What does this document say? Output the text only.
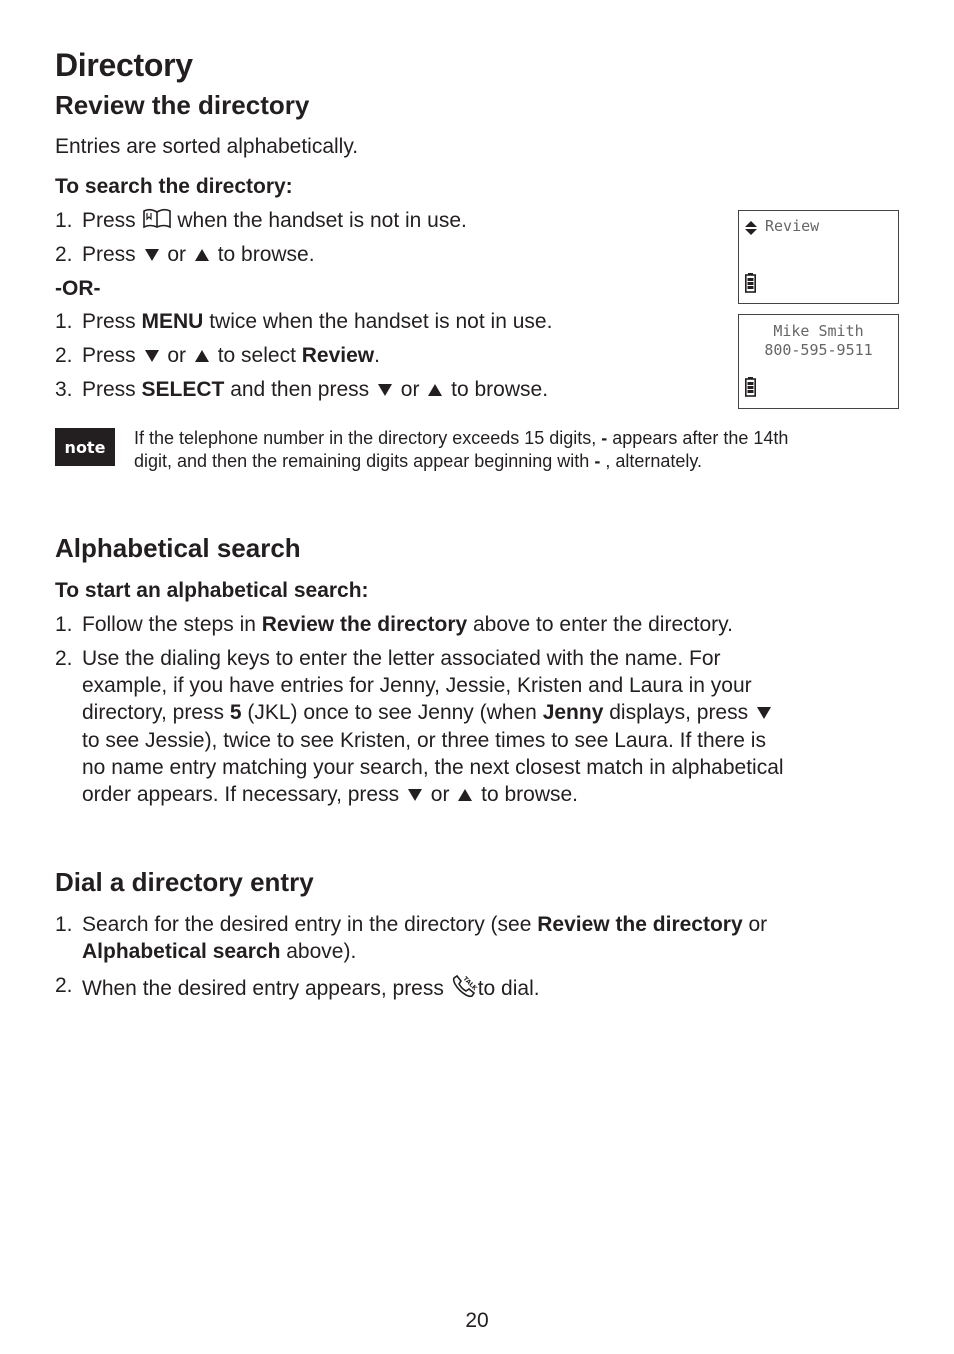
Directory
Review the directory
Entries are sorted alphabetically.
To search the directory:
1. Press  when the handset is not in use.
2. Press  or  to browse.
-OR-
1. Press MENU twice when the handset is not in use.
2. Press  or  to select Review.
3. Press SELECT and then press  or  to browse.
Review
Mike Smith
800-595-9511
note	If the telephone number in the directory exceeds 15 digits, - appears after the 14th
digit, and then the remaining digits appear beginning with - , alternately.
Alphabetical search
To start an alphabetical search:
1. Follow the steps in Review the directory above to enter the directory.
2. Use the dialing keys to enter the letter associated with the name. For
example, if you have entries for Jenny, Jessie, Kristen and Laura in your
directory, press 5 (JKL) once to see Jenny (when Jenny displays, press
to see Jessie), twice to see Kristen, or three times to see Laura. If there is
no name entry matching your search, the next closest match in alphabetical
order appears. If necessary, press  or  to browse.
Dial a directory entry
1. Search for the desired entry in the directory (see Review the directory or
Alphabetical search above).
2. When the desired entry appears, press TALK to dial.
20
